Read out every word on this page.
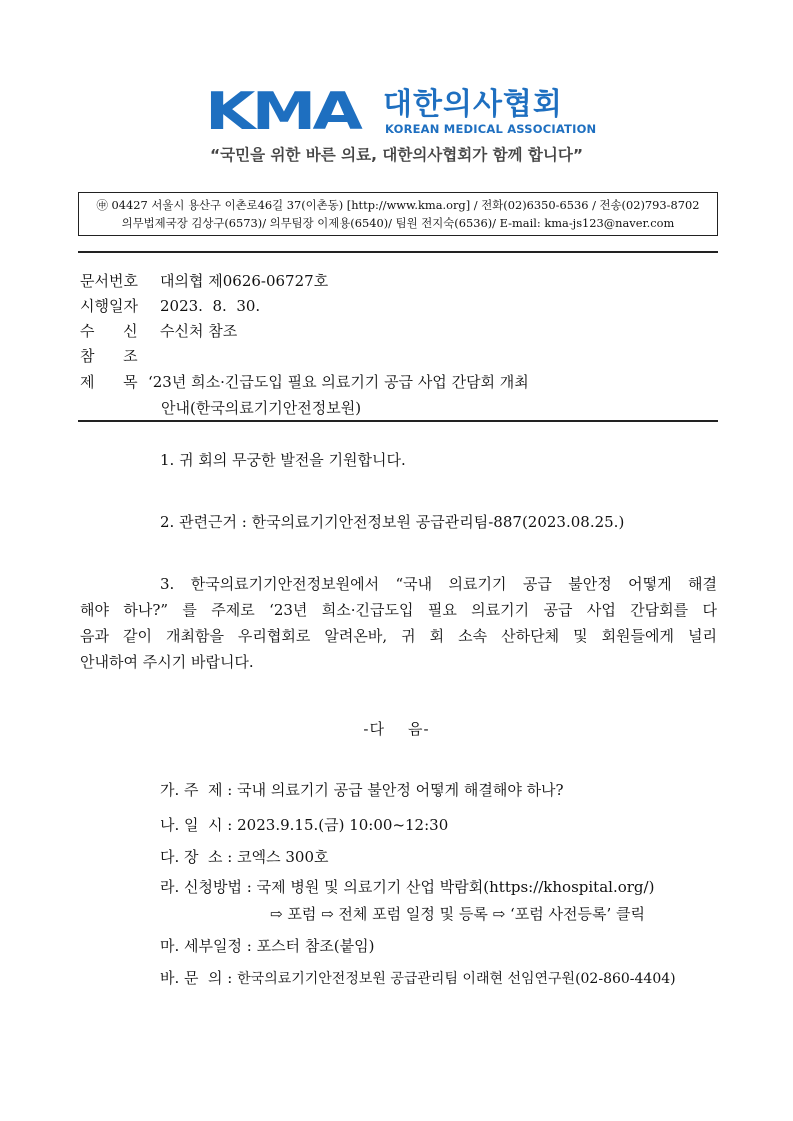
KMA 대한의사협회
KOREAN MEDICAL ASSOCIATION
“국민을 위한 바른 의료, 대한의사협회가 함께 합니다”
㊥ 04427 서울시 용산구 이촌로46길 37(이촌동) [http://www.kma.org] / 전화(02)6350-6536 / 전송(02)793-8702
의무법제국장 김상구(6573)/ 의무팀장 이제용(6540)/ 팀원 전지숙(6536)/ E-mail: kma-js123@naver.com
문서번호 대의협 제0626-06727호
시행일자 2023.  8.  30.
수      신 수신처 참조
참      조
제      목 ‘23년 희소·긴급도입 필요 의료기기 공급 사업 간담회 개최
안내(한국의료기기안전정보원)
1. 귀 회의 무궁한 발전을 기원합니다.
2. 관련근거 : 한국의료기기안전정보원 공급관리팀-887(2023.08.25.)
3. 한국의료기기안전정보원에서 “국내 의료기기 공급 불안정 어떻게 해결
해야 하나?” 를 주제로 ‘23년 희소·긴급도입 필요 의료기기 공급 사업 간담회를 다
음과 같이 개최함을 우리협회로 알려온바, 귀 회 소속 산하단체 및 회원들에게 널리
안내하여 주시기 바랍니다.
-다    음-
가. 주  제 : 국내 의료기기 공급 불안정 어떻게 해결해야 하나?
나. 일  시 : 2023.9.15.(금) 10:00~12:30
다. 장  소 : 코엑스 300호
라. 신청방법 : 국제 병원 및 의료기기 산업 박람회(https://khospital.org/)
⇨ 포럼 ⇨ 전체 포럼 일정 및 등록 ⇨ ‘포럼 사전등록’ 클릭
마. 세부일정 : 포스터 참조(붙임)
바. 문  의 : 한국의료기기안전정보원 공급관리팀 이래현 선임연구원(02-860-4404)
